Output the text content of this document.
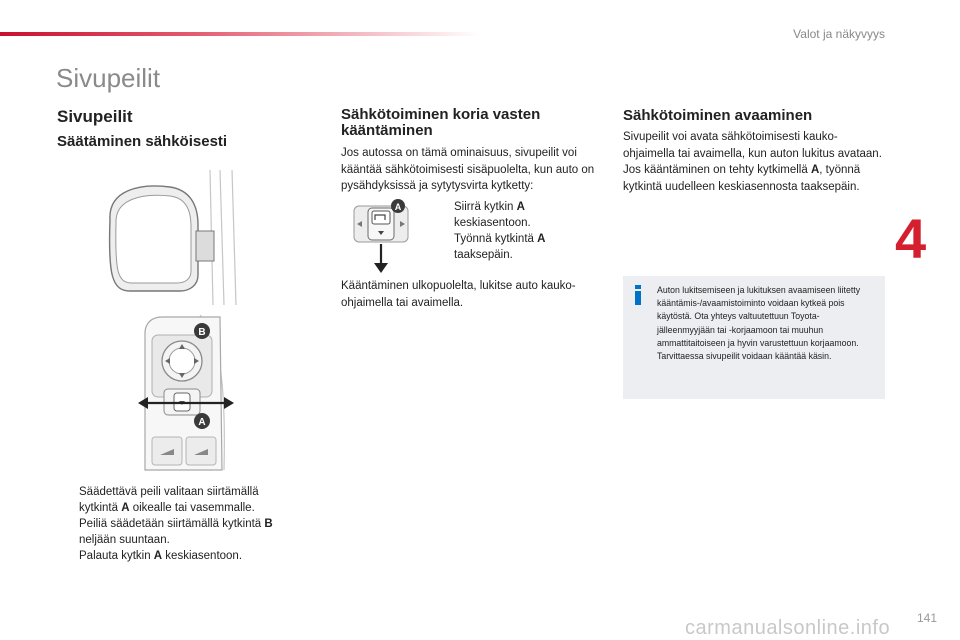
Valot ja näkyvyys
Sivupeilit
Sivupeilit
Säätäminen sähköisesti
B
A
Säädettävä peili valitaan siirtämällä kytkintä A oikealle tai vasemmalle.
Peiliä säädetään siirtämällä kytkintä B neljään suuntaan.
Palauta kytkin A keskiasentoon.
Sähkötoiminen koria vasten kääntäminen

Jos autossa on tämä ominaisuus, sivupeilit voi kääntää sähkötoimisesti sisäpuolelta, kun auto on pysähdyksissä ja sytytysvirta kytketty:

A	Siirrä kytkin A keskiasentoon.
Työnnä kytkintä A taaksepäin.

Kääntäminen ulkopuolelta, lukitse auto kauko-ohjaimella tai avaimella.

Sähkötoiminen avaaminen

Sivupeilit voi avata sähkötoimisesti kauko-ohjaimella tai avaimella, kun auton lukitus avataan. Jos kääntäminen on tehty kytkimellä A, työnnä kytkintä uudelleen keskiasennosta taaksepäin.

Auton lukitsemiseen ja lukituksen avaamiseen liitetty kääntämis-/avaamistoiminto voidaan kytkeä pois käytöstä. Ota yhteys valtuutettuun Toyota-jälleenmyyjään tai -korjaamoon tai muuhun ammattitaitoiseen ja hyvin varustettuun korjaamoon.
Tarvittaessa sivupeilit voidaan kääntää käsin.

4
141
carmanualsonline.info
